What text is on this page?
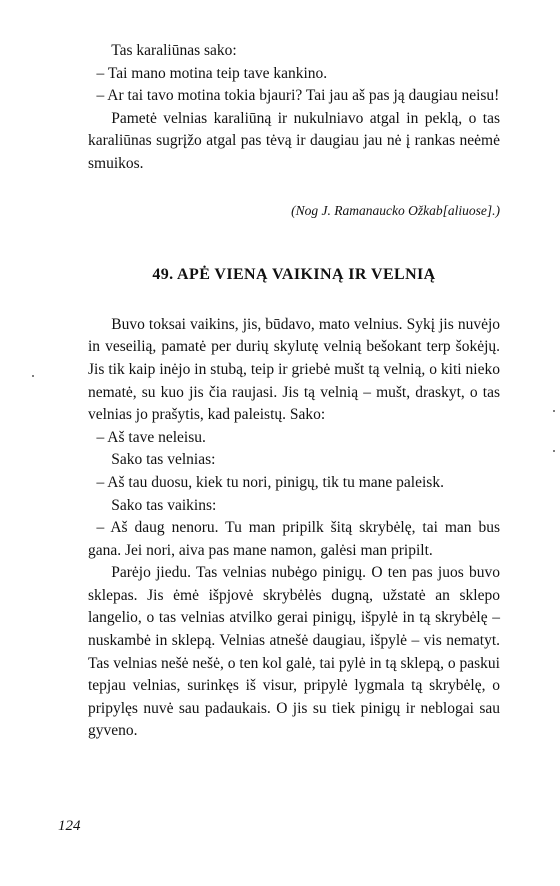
Tas karaliūnas sako:

– Tai mano motina teip tave kankino.

– Ar tai tavo motina tokia bjauri? Tai jau aš pas ją daugiau neisu!

Pametė velnias karaliūną ir nukulniavo atgal in peklą, o tas karaliūnas sugrįžo atgal pas tėvą ir daugiau jau nė į rankas neėmė smuikos.

(Nog J. Ramanaucko Ožkab[aliuose].)

49. APĖ VIENĄ VAIKINĄ IR VELNIĄ

Buvo toksai vaikins, jis, būdavo, mato velnius. Sykį jis nuvėjo in veseilią, pamatė per durių skylutę velnią bešokant terp šokėjų. Jis tik kaip inėjo in stubą, teip ir griebė mušt tą velnią, o kiti nieko nematė, su kuo jis čia raujasi. Jis tą velnią – mušt, draskyt, o tas velnias jo prašytis, kad paleistų. Sako:

– Aš tave neleisu.

Sako tas velnias:

– Aš tau duosu, kiek tu nori, pinigų, tik tu mane paleisk.

Sako tas vaikins:

– Aš daug nenoru. Tu man pripilk šitą skrybėlę, tai man bus gana. Jei nori, aiva pas mane namon, galėsi man pripilt.

Parėjo jiedu. Tas velnias nubėgo pinigų. O ten pas juos buvo sklepas. Jis ėmė išpjovė skrybėlės dugną, užstatė an sklepo langelio, o tas velnias atvilko gerai pinigų, išpylė in tą skrybėlę – nuskambė in sklepą. Velnias atnešė daugiau, išpylė – vis nematyt. Tas velnias nešė nešė, o ten kol galė, tai pylė in tą sklepą, o paskui tepjau velnias, surinkęs iš visur, pripylė lygmala tą skrybėlę, o pripylęs nuvė sau padaukais. O jis su tiek pinigų ir neblogai sau gyveno.

124
